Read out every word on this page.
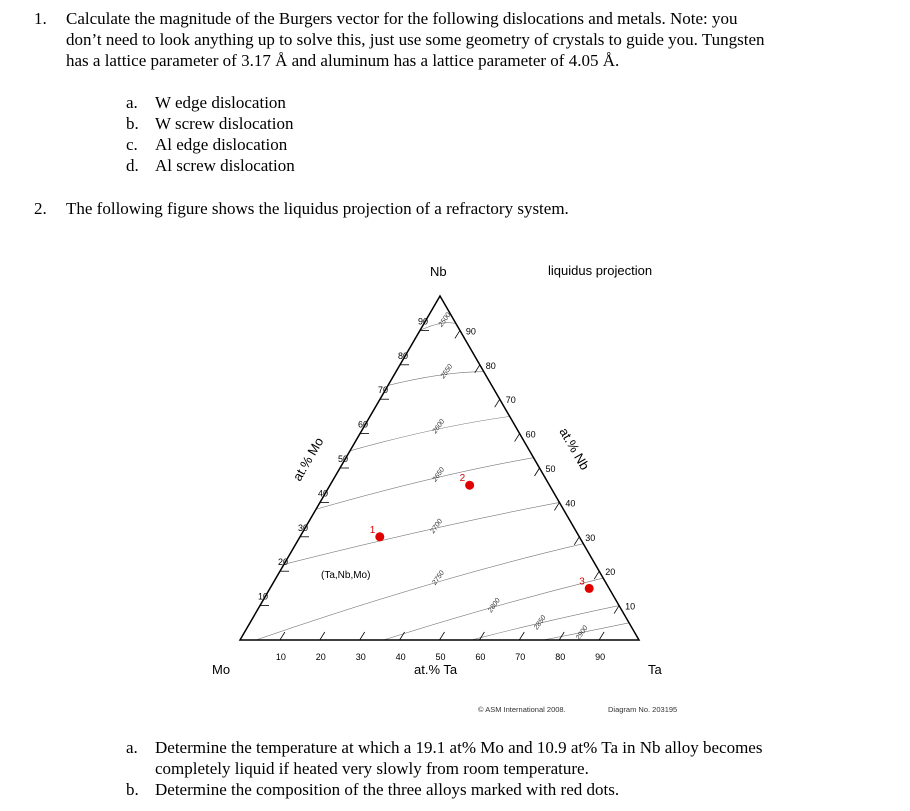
1. Calculate the magnitude of the Burgers vector for the following dislocations and metals. Note: you
don’t need to look anything up to solve this, just use some geometry of crystals to guide you. Tungsten
has a lattice parameter of 3.17 Å and aluminum has a lattice parameter of 4.05 Å.
a. W edge dislocation
b. W screw dislocation
c. Al edge dislocation
d. Al screw dislocation
2. The following figure shows the liquidus projection of a refractory system.
10
10
10
20
20
20
30
30
30
40
40
40
50
50
50
60
60
60
70
70
70
80
80
80
90
90
90
2500
2550
2600
2650
2700
2750
2800
2850
2900
1
2
3
Nb
Mo	Ta
liquidus projection
at.% Ta
at.% Mo	at.% Nb
(Ta,Nb,Mo)
© ASM International 2008.	Diagram No. 203195
a. Determine the temperature at which a 19.1 at% Mo and 10.9 at% Ta in Nb alloy becomes
completely liquid if heated very slowly from room temperature.
b. Determine the composition of the three alloys marked with red dots.
